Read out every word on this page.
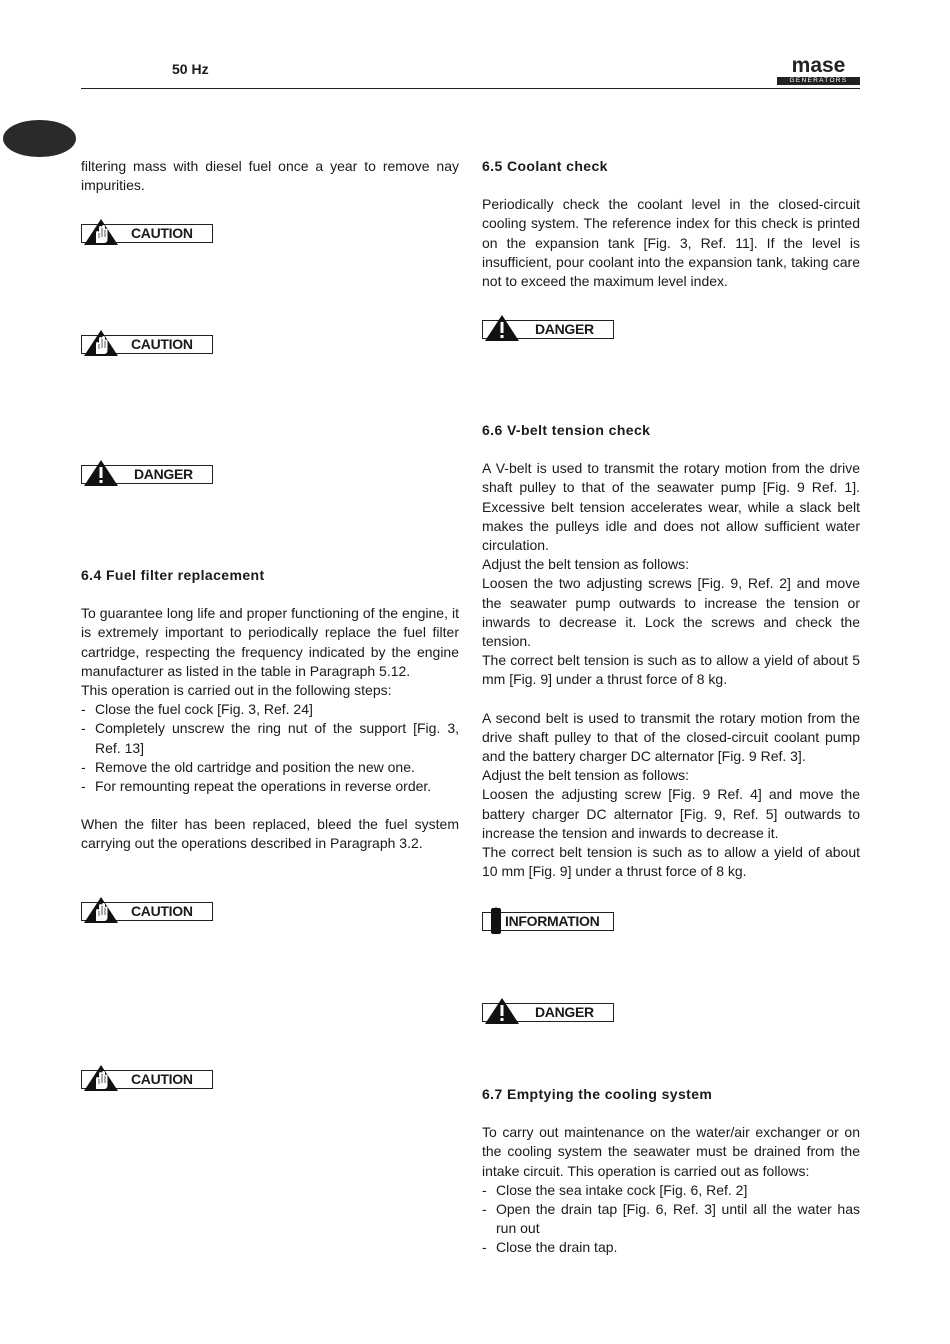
50 Hz	mase
GENERATORS

filtering mass with diesel fuel once a year to remove nay impurities.

CAUTION
CAUTION
DANGER

6.4 Fuel filter replacement

To guarantee long life and proper functioning of the engine, it is extremely important to periodically replace the fuel filter cartridge, respecting the frequency indicated by the engine manufacturer as listed in the table in Paragraph 5.12.

This operation is carried out in the following steps:

- Close the fuel cock [Fig. 3, Ref. 24]
- Completely unscrew the ring nut of the support [Fig. 3, Ref. 13]
- Remove the old cartridge and position the new one.
- For remounting repeat the operations in reverse order.

When the filter has been replaced, bleed the fuel system carrying out the operations described in Paragraph 3.2.

CAUTION
CAUTION

6.5 Coolant check

Periodically check the coolant level in the closed-circuit cooling system. The reference index for this check is printed on the expansion tank [Fig. 3, Ref. 11]. If the level is insufficient, pour coolant into the expansion tank, taking care not to exceed the maximum level index.

DANGER

6.6 V-belt tension check

A V-belt is used to transmit the rotary motion from the drive shaft pulley to that of the seawater pump [Fig. 9 Ref. 1]. Excessive belt tension accelerates wear, while a slack belt makes the pulleys idle and does not allow sufficient water circulation.

Adjust the belt tension as follows:

Loosen the two adjusting screws [Fig. 9, Ref. 2] and move the seawater pump outwards to increase the tension or inwards to decrease it. Lock the screws and check the tension.

The correct belt tension is such as to allow a yield of about 5 mm [Fig. 9] under a thrust force of 8 kg.

A second belt is used to transmit the rotary motion from the drive shaft pulley to that of the closed-circuit coolant pump and the battery charger DC alternator [Fig. 9 Ref. 3].

Adjust the belt tension as follows:

Loosen the adjusting screw [Fig. 9 Ref. 4] and move the battery charger DC alternator [Fig. 9, Ref. 5] outwards to increase the tension and inwards to decrease it.

The correct belt tension is such as to allow a yield of about 10 mm [Fig. 9] under a thrust force of 8 kg.

INFORMATION
DANGER

6.7 Emptying the cooling system

To carry out maintenance on the water/air exchanger or on the cooling system the seawater must be drained from the intake circuit. This operation is carried out as follows:

- Close the sea intake cock [Fig. 6, Ref. 2]
- Open the drain tap [Fig. 6, Ref. 3] until all the water has run out
- Close the drain tap.
